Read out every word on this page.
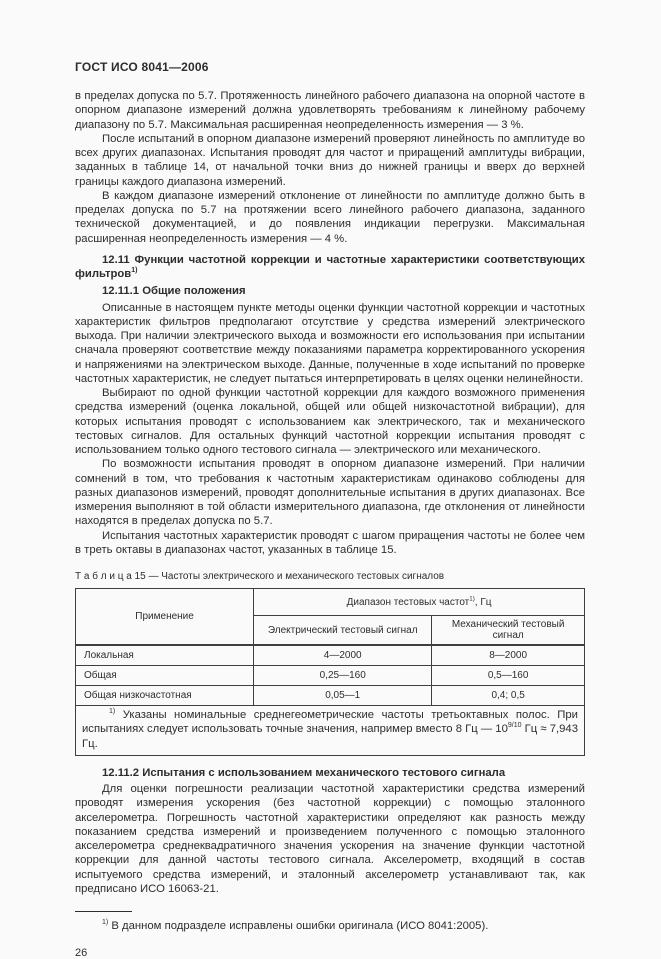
ГОСТ ИСО 8041—2006

в пределах допуска по 5.7. Протяженность линейного рабочего диапазона на опорной частоте в опорном диапазоне измерений должна удовлетворять требованиям к линейному рабочему диапазону по 5.7. Максимальная расширенная неопределенность измерения — 3 %.

После испытаний в опорном диапазоне измерений проверяют линейность по амплитуде во всех других диапазонах. Испытания проводят для частот и приращений амплитуды вибрации, заданных в таблице 14, от начальной точки вниз до нижней границы и вверх до верхней границы каждого диапазона измерений.

В каждом диапазоне измерений отклонение от линейности по амплитуде должно быть в пределах допуска по 5.7 на протяжении всего линейного рабочего диапазона, заданного технической документацией, и до появления индикации перегрузки. Максимальная расширенная неопределенность измерения — 4 %.

12.11 Функции частотной коррекции и частотные характеристики соответствующих фильтров$^{1)}$

12.11.1 Общие положения

Описанные в настоящем пункте методы оценки функции частотной коррекции и частотных характеристик фильтров предполагают отсутствие у средства измерений электрического выхода. При наличии электрического выхода и возможности его использования при испытании сначала проверяют соответствие между показаниями параметра корректированного ускорения и напряжениями на электрическом выходе. Данные, полученные в ходе испытаний по проверке частотных характеристик, не следует пытаться интерпретировать в целях оценки нелинейности.

Выбирают по одной функции частотной коррекции для каждого возможного применения средства измерений (оценка локальной, общей или общей низкочастотной вибрации), для которых испытания проводят с использованием как электрического, так и механического тестовых сигналов. Для остальных функций частотной коррекции испытания проводят с использованием только одного тестового сигнала — электрического или механического.

По возможности испытания проводят в опорном диапазоне измерений. При наличии сомнений в том, что требования к частотным характеристикам одинаково соблюдены для разных диапазонов измерений, проводят дополнительные испытания в других диапазонах. Все измерения выполняют в той области измерительного диапазона, где отклонения от линейности находятся в пределах допуска по 5.7.

Испытания частотных характеристик проводят с шагом приращения частоты не более чем в треть октавы в диапазонах частот, указанных в таблице 15.

Т а б л и ц а 15 — Частоты электрического и механического тестовых сигналов
Применение	Диапазон тестовых частот$^{1)}$, Гц	
	Электрический тестовый сигнал	Механический тестовый сигнал
Локальная	4—2000	8—2000
Общая	0,25—160	0,5—160
Общая низкочастотная	0,05—1	0,4; 0,5

$^{1)}$ Указаны номинальные среднегеометрические частоты третьоктавных полос. При испытаниях следует использовать точные значения, например вместо 8 Гц — $10^{9/10}$ Гц ≈ 7,943 Гц.		

12.11.2 Испытания с использованием механического тестового сигнала

Для оценки погрешности реализации частотной характеристики средства измерений проводят измерения ускорения (без частотной коррекции) с помощью эталонного акселерометра. Погрешность частотной характеристики определяют как разность между показанием средства измерений и произведением полученного с помощью эталонного акселерометра среднеквадратичного значения ускорения на значение функции частотной коррекции для данной частоты тестового сигнала. Акселерометр, входящий в состав испытуемого средства измерений, и эталонный акселерометр устанавливают так, как предписано ИСО 16063-21.

$^{1)}$ В данном подразделе исправлены ошибки оригинала (ИСО 8041:2005).

26
